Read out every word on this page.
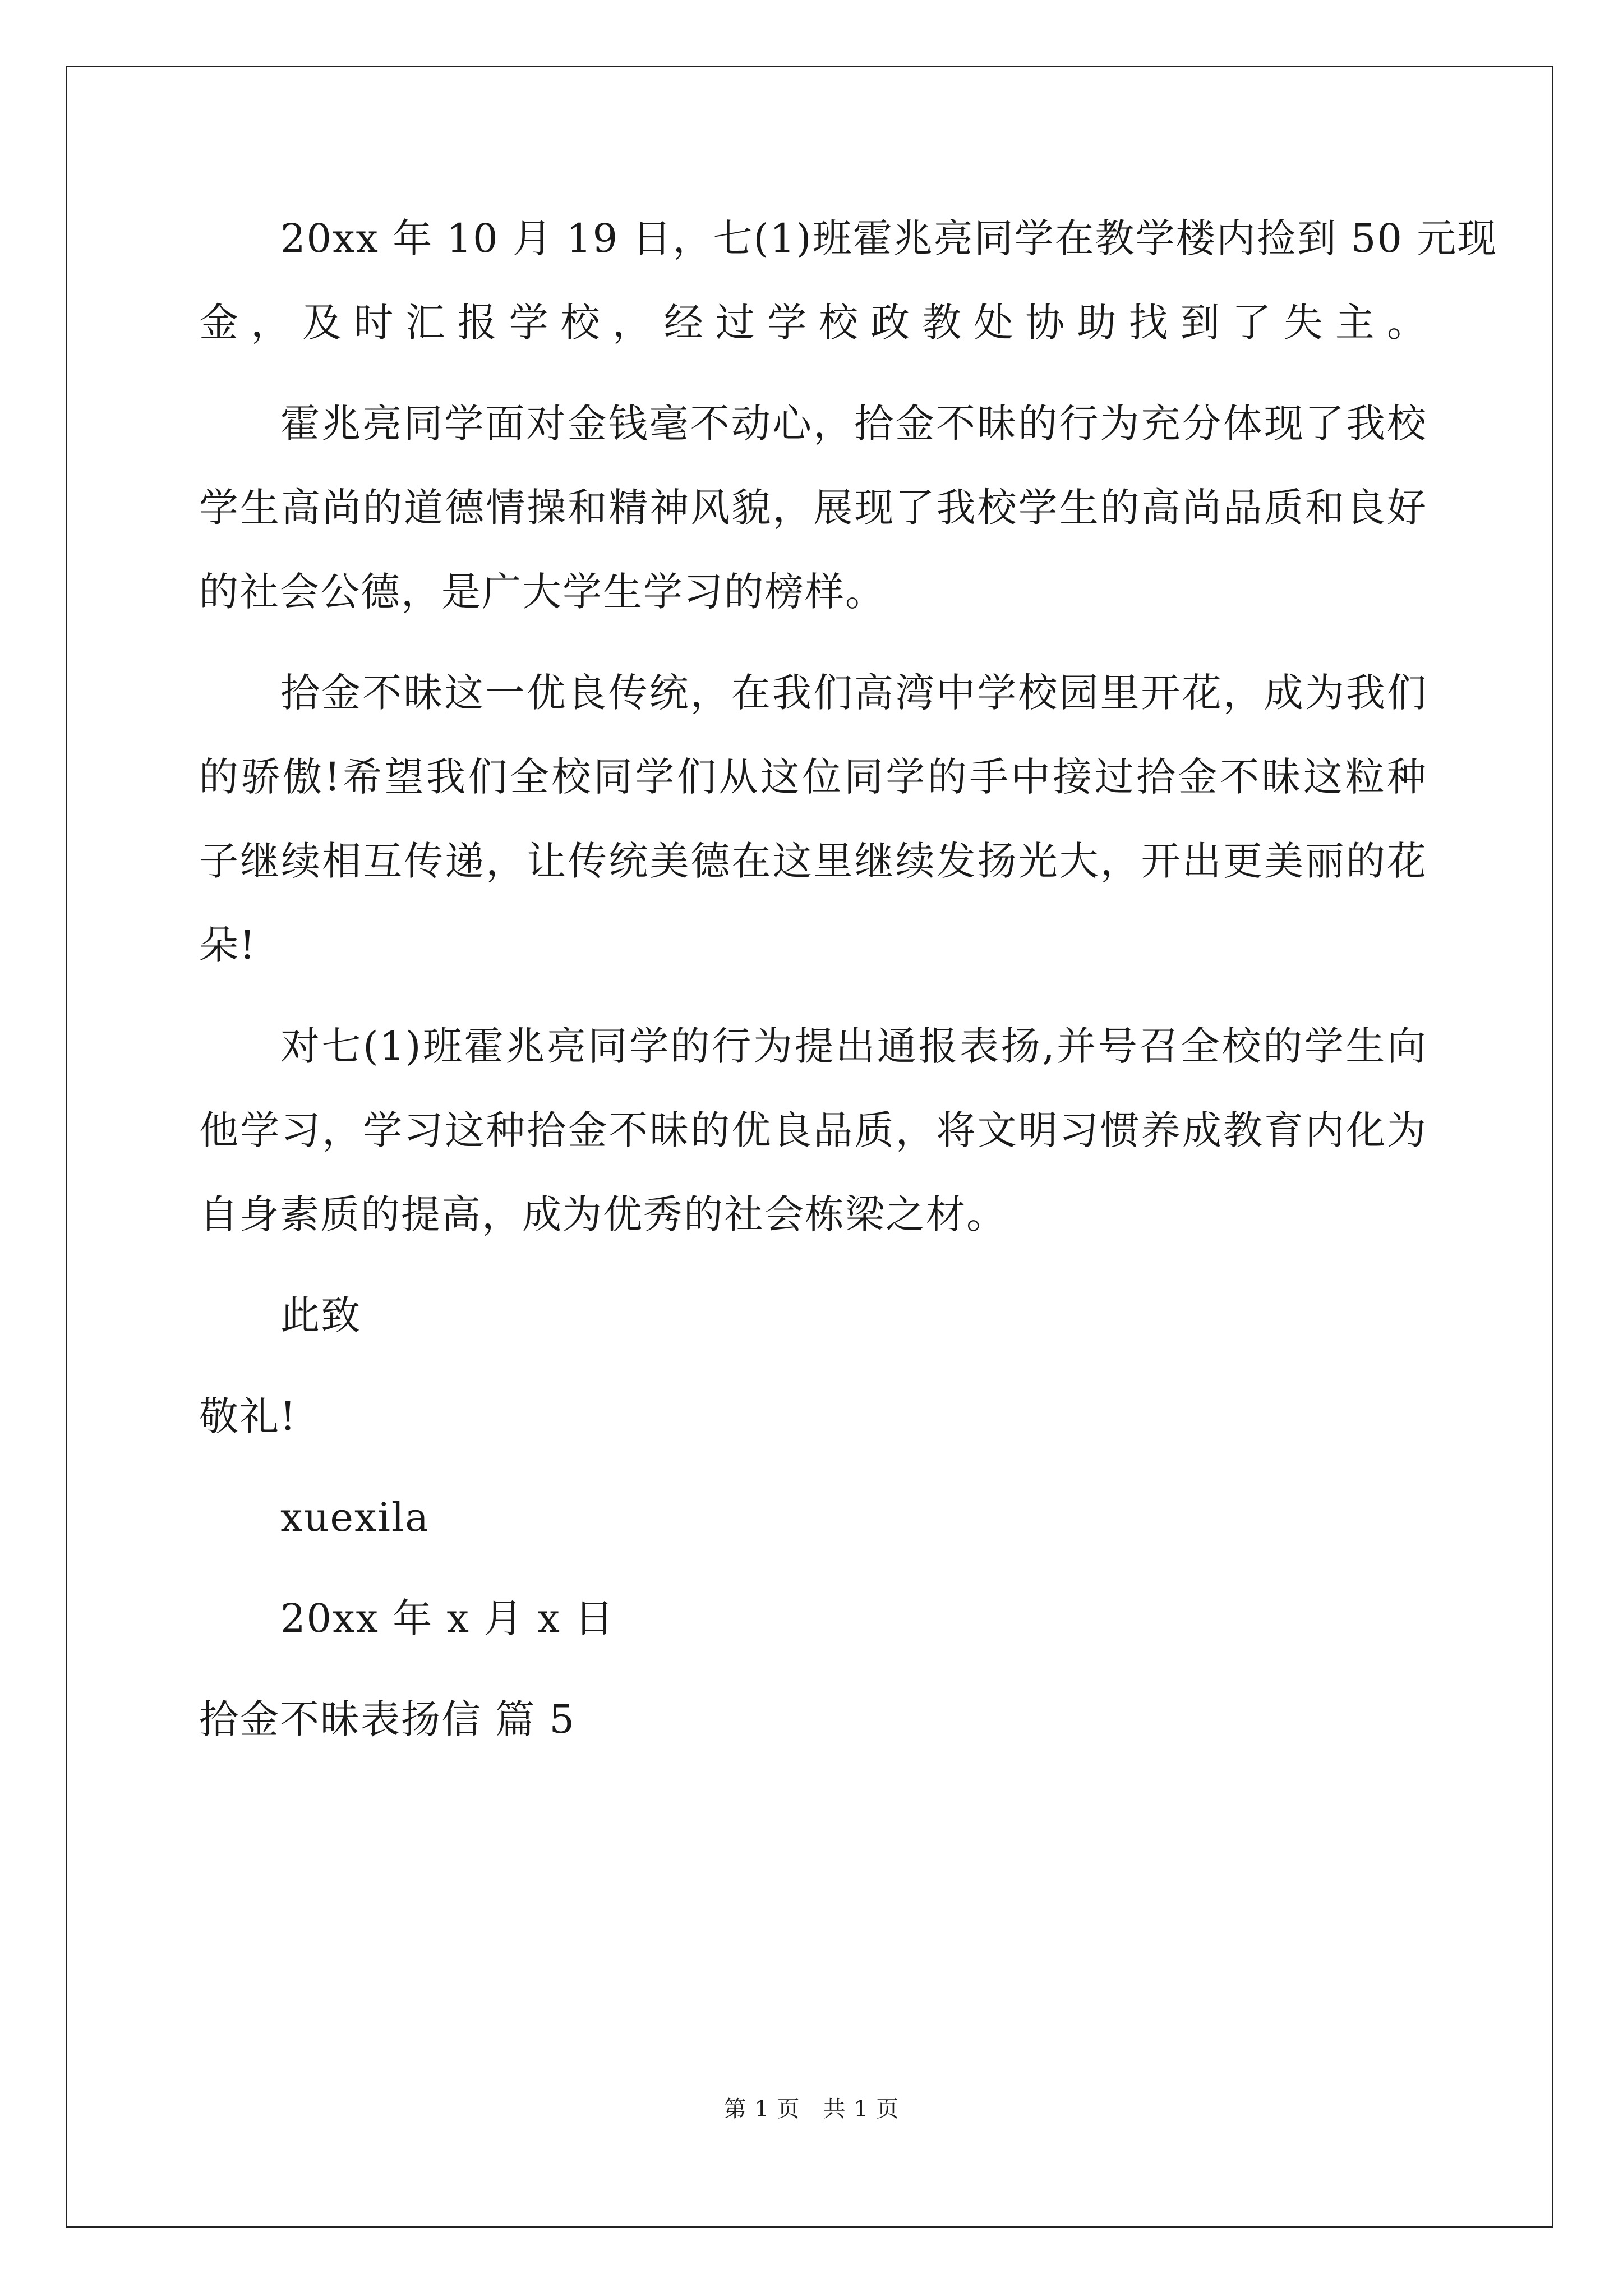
20xx 年 10 月 19 日，七(1)班霍兆亮同学在教学楼内捡到 50 元现
金，及时汇报学校，经过学校政教处协助找到了失主。
霍兆亮同学面对金钱毫不动心，拾金不昧的行为充分体现了我校
学生高尚的道德情操和精神风貌，展现了我校学生的高尚品质和良好
的社会公德，是广大学生学习的榜样。
拾金不昧这一优良传统，在我们高湾中学校园里开花，成为我们
的骄傲!希望我们全校同学们从这位同学的手中接过拾金不昧这粒种
子继续相互传递，让传统美德在这里继续发扬光大，开出更美丽的花
朵!
对七(1)班霍兆亮同学的行为提出通报表扬,并号召全校的学生向
他学习，学习这种拾金不昧的优良品质，将文明习惯养成教育内化为
自身素质的提高，成为优秀的社会栋梁之材。
此致
敬礼!
xuexila
20xx 年 x 月 x 日
拾金不昧表扬信 篇 5
第 1 页　共 1 页
